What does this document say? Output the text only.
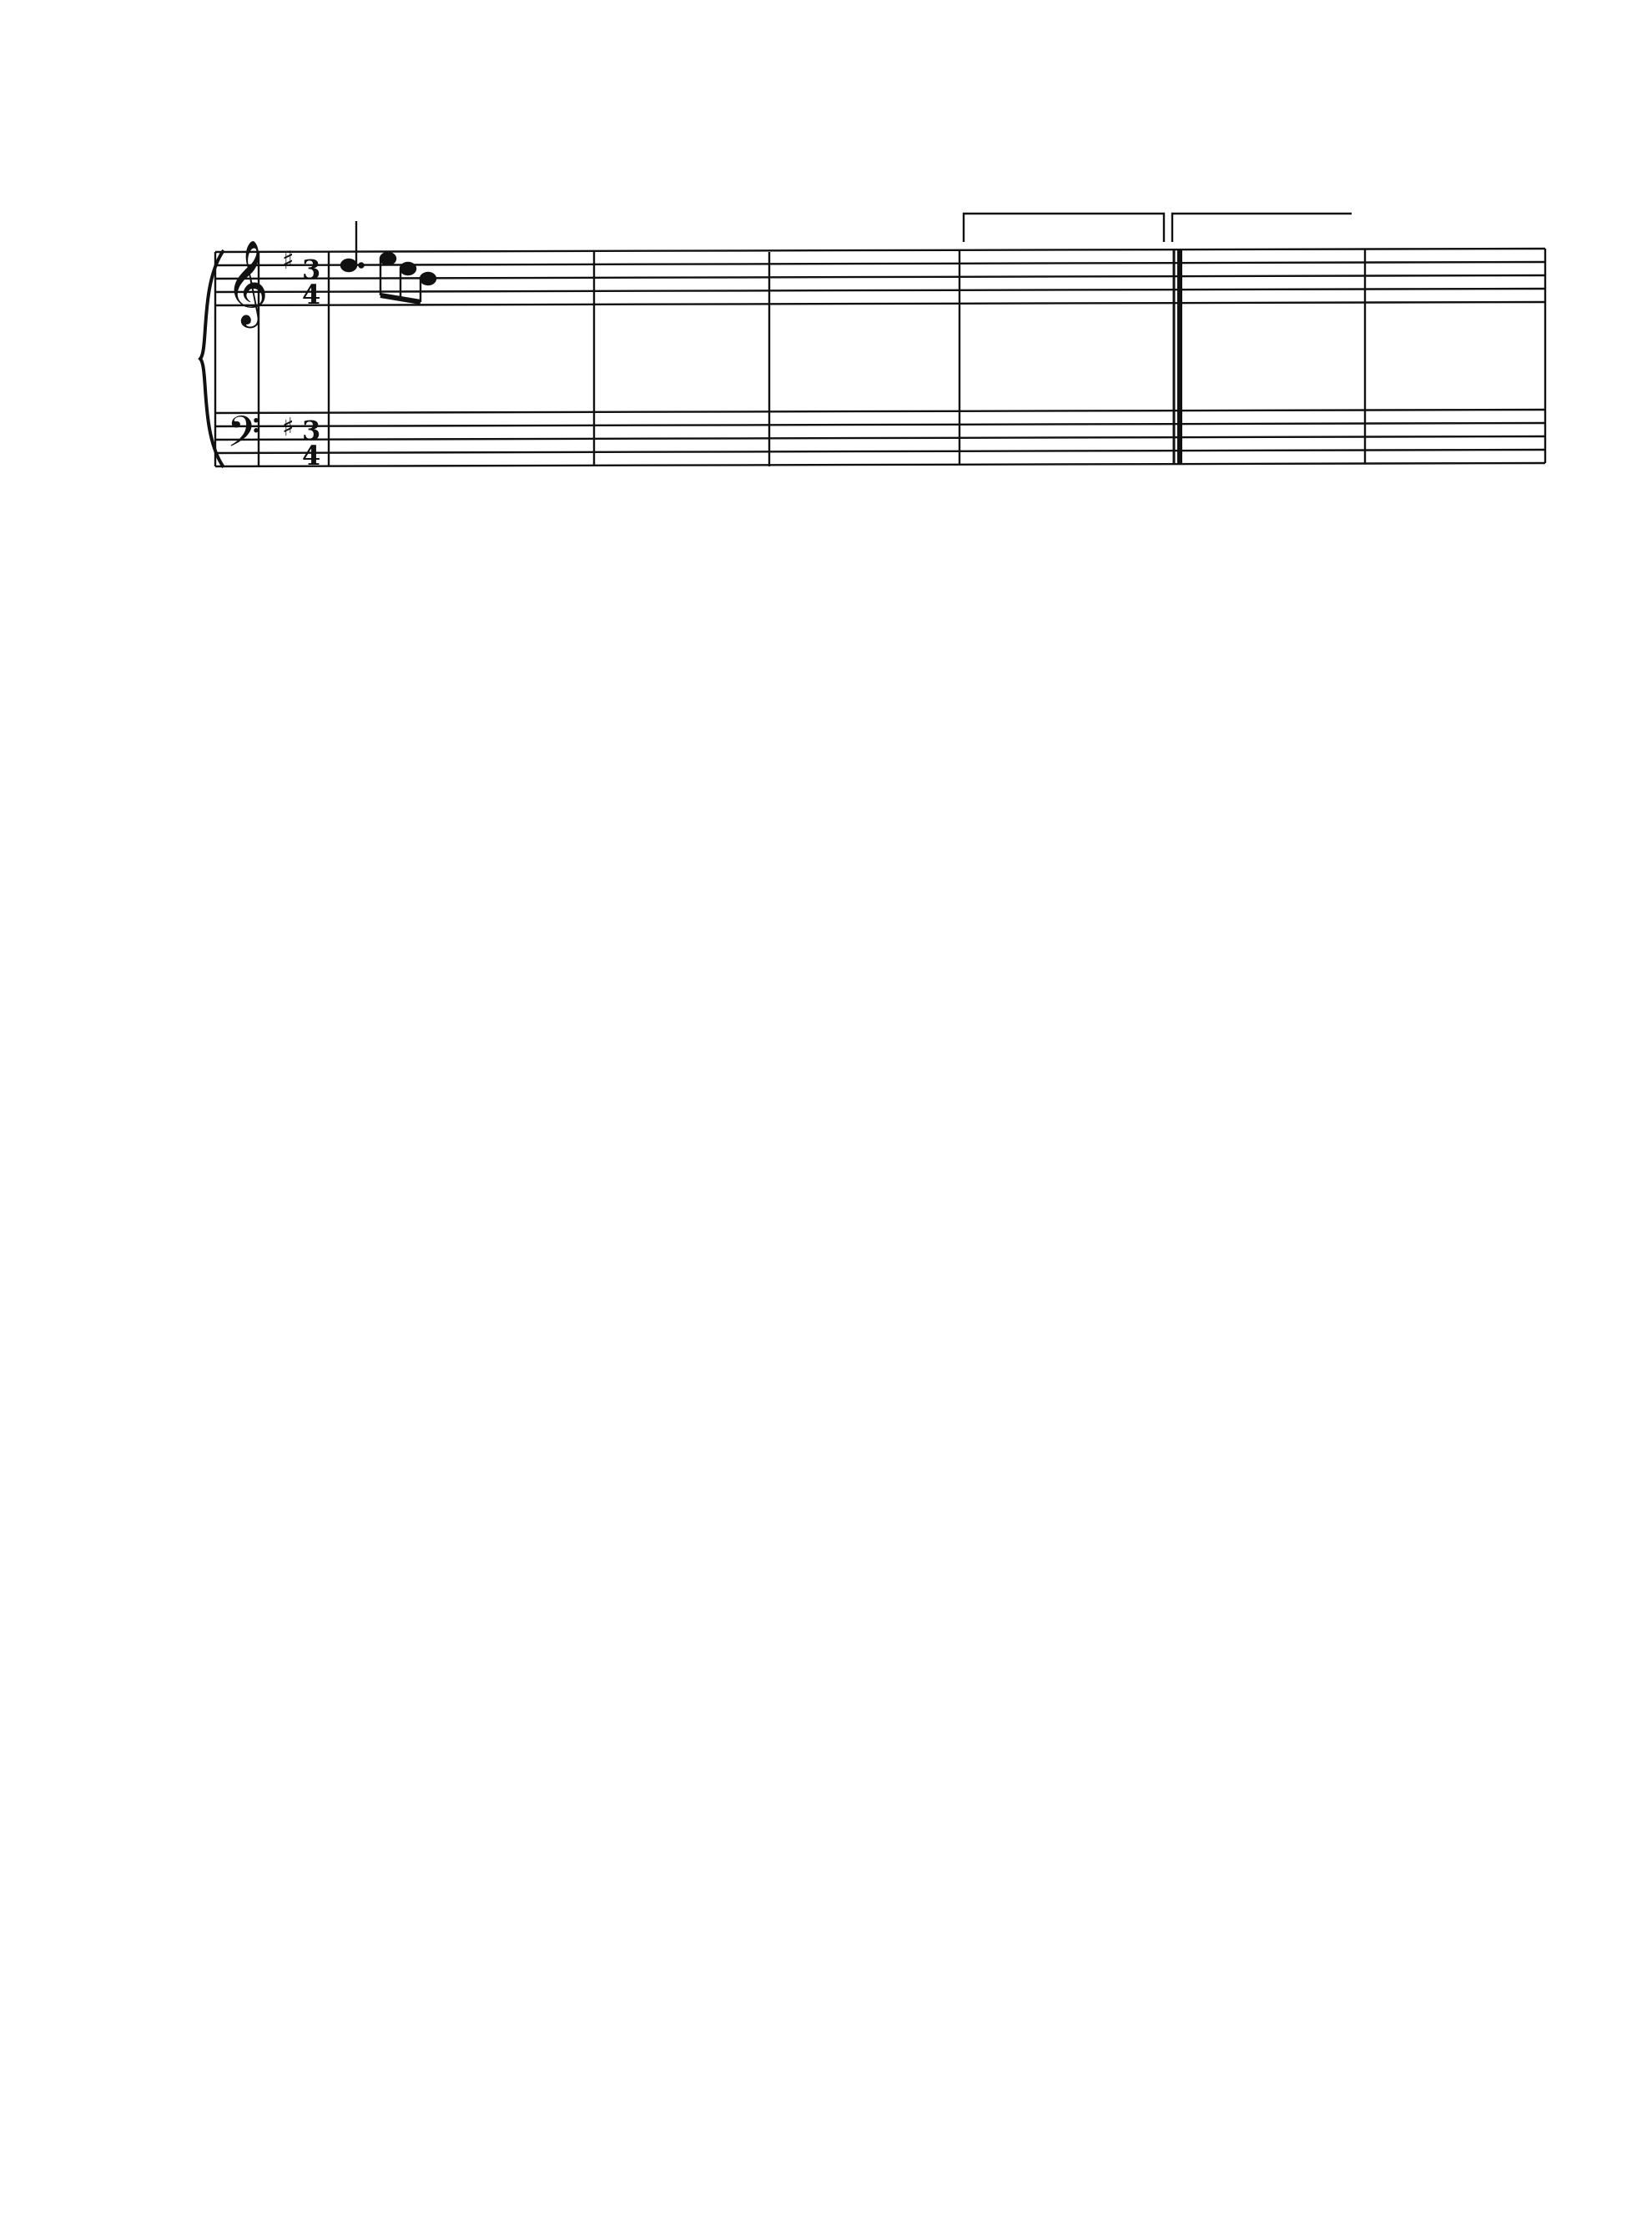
𝄞
𝄢
♯
♯
3
4
3
4
